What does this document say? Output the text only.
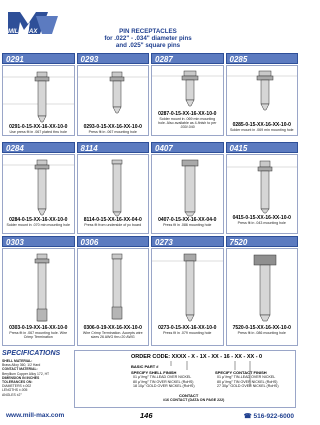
MILL-MAX	PIN RECEPTACLES
for .022" - .034" diameter pins
and .025" square pins
0291	0293	0287	0285
0291-0-15-XX-16-XX-10-0
Use press fit in .067 plated thru hole
0293-0-15-XX-16-XX-10-0
Press fit in .067 mounting hole
0287-0-15-XX-16-XX-10-0
Solder mount in .069 min mounting hole. Also available as 4-finish to per .030/.040	0285-0-15-XX-16-XX-10-0
Solder mount in .069 min mounting hole
0284	8114	0407	0415
0284-0-15-XX-16-XX-10-0
Solder mount in .070 min mounting hole
8114-0-15-XX-16-XX-04-0
Press fit from underside of pc board
0407-0-15-XX-16-XX-04-0
Press fit in .086 mounting hole
0415-0-15-XX-16-XX-10-0
Press fit in .043 mounting hole
0303	0306	0273	7520
0303-0-19-XX-16-XX-10-0
Press fit in .067 mounting hole. Wire Crimp Termination
0306-0-19-XX-16-XX-10-0
Wire Crimp Termination. Accepts wire sizes 26 AWG thru 20 AWG
0273-0-15-XX-16-XX-10-0
Press fit in .079 mounting hole
7520-0-15-XX-16-XX-10-0
Press fit in .086 mounting hole
SPECIFICATIONS
SHELL MATERIAL:
Brass Alloy 360, 1/2 Hard
CONTACT MATERIAL:
Beryllium Copper Alloy 172, HT
DIMENSION IN INCHES
TOLERANCES ON:
DIAMETERS ±.002
LENGTHS ±.005
ANGLES ±2°
ORDER CODE: XXXX - X - 1X - XX - 16 - XX - XX - 0
BASIC PART #
SPECIFY SHELL FINISH
01 µ"/mg° TIN-LEAD OVER NICKEL
80 µ"/mg° TIN OVER NICKEL (RoHS)
18 10µ" GOLD OVER NICKEL (RoHS)
SPECIFY CONTACT FINISH
01 µ"/mg° TIN-LEAD OVER NICKEL
80 µ"/mg° TIN OVER NICKEL (RoHS)
27 30µ" GOLD OVER NICKEL (RoHS)
CONTACT
#16 CONTACT (DATA ON PAGE 222)
www.mill-max.com	146	☎ 516-922-6000
